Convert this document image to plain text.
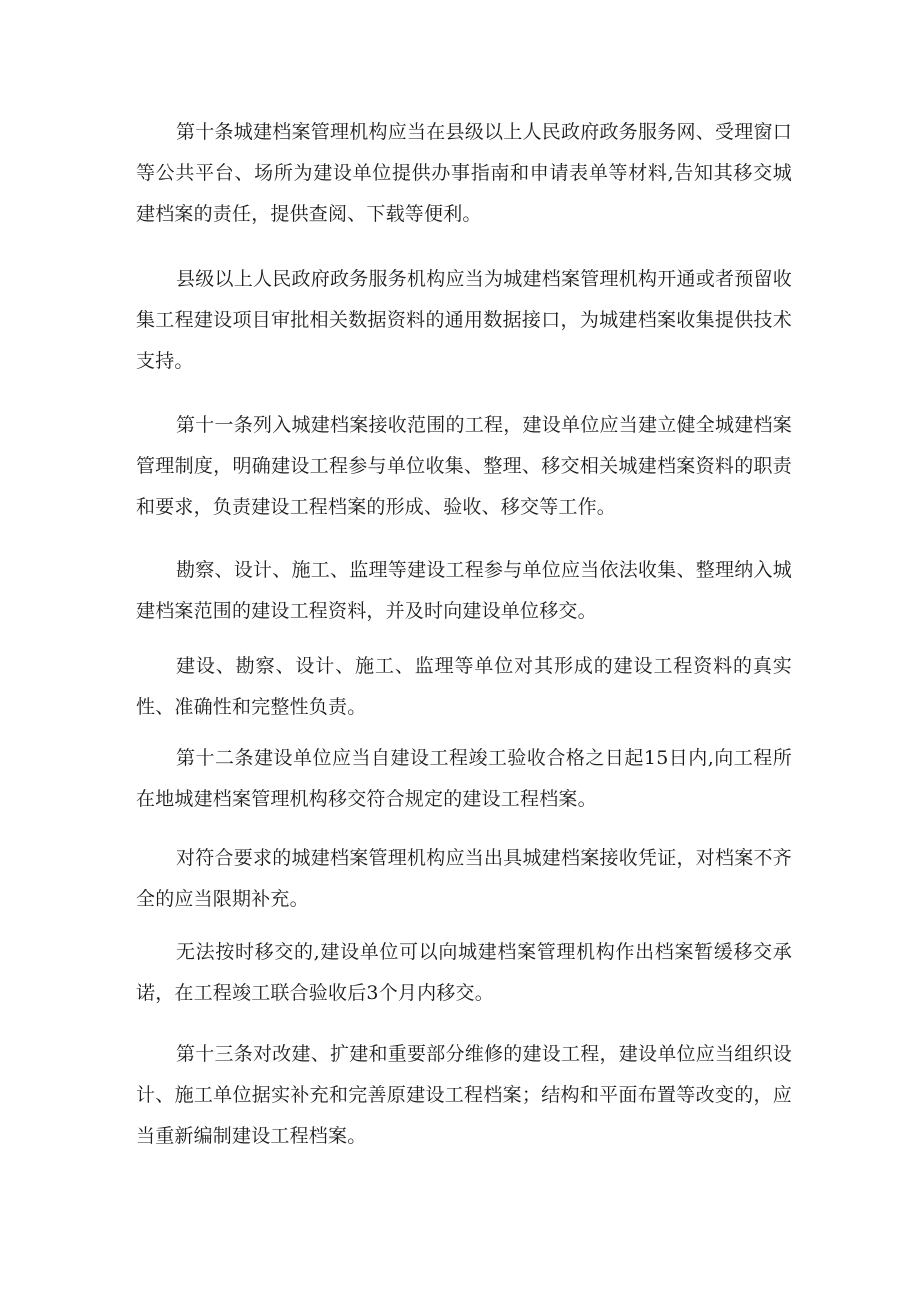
第十条城建档案管理机构应当在县级以上人民政府政务服务网、受理窗口等公共平台、场所为建设单位提供办事指南和申请表单等材料,告知其移交城建档案的责任，提供查阅、下载等便利。

县级以上人民政府政务服务机构应当为城建档案管理机构开通或者预留收集工程建设项目审批相关数据资料的通用数据接口，为城建档案收集提供技术支持。

第十一条列入城建档案接收范围的工程，建设单位应当建立健全城建档案管理制度，明确建设工程参与单位收集、整理、移交相关城建档案资料的职责和要求，负责建设工程档案的形成、验收、移交等工作。

勘察、设计、施工、监理等建设工程参与单位应当依法收集、整理纳入城建档案范围的建设工程资料，并及时向建设单位移交。

建设、勘察、设计、施工、监理等单位对其形成的建设工程资料的真实性、准确性和完整性负责。

第十二条建设单位应当自建设工程竣工验收合格之日起15日内,向工程所在地城建档案管理机构移交符合规定的建设工程档案。

对符合要求的城建档案管理机构应当出具城建档案接收凭证，对档案不齐全的应当限期补充。

无法按时移交的,建设单位可以向城建档案管理机构作出档案暂缓移交承诺，在工程竣工联合验收后3个月内移交。

第十三条对改建、扩建和重要部分维修的建设工程，建设单位应当组织设计、施工单位据实补充和完善原建设工程档案；结构和平面布置等改变的，应当重新编制建设工程档案。
